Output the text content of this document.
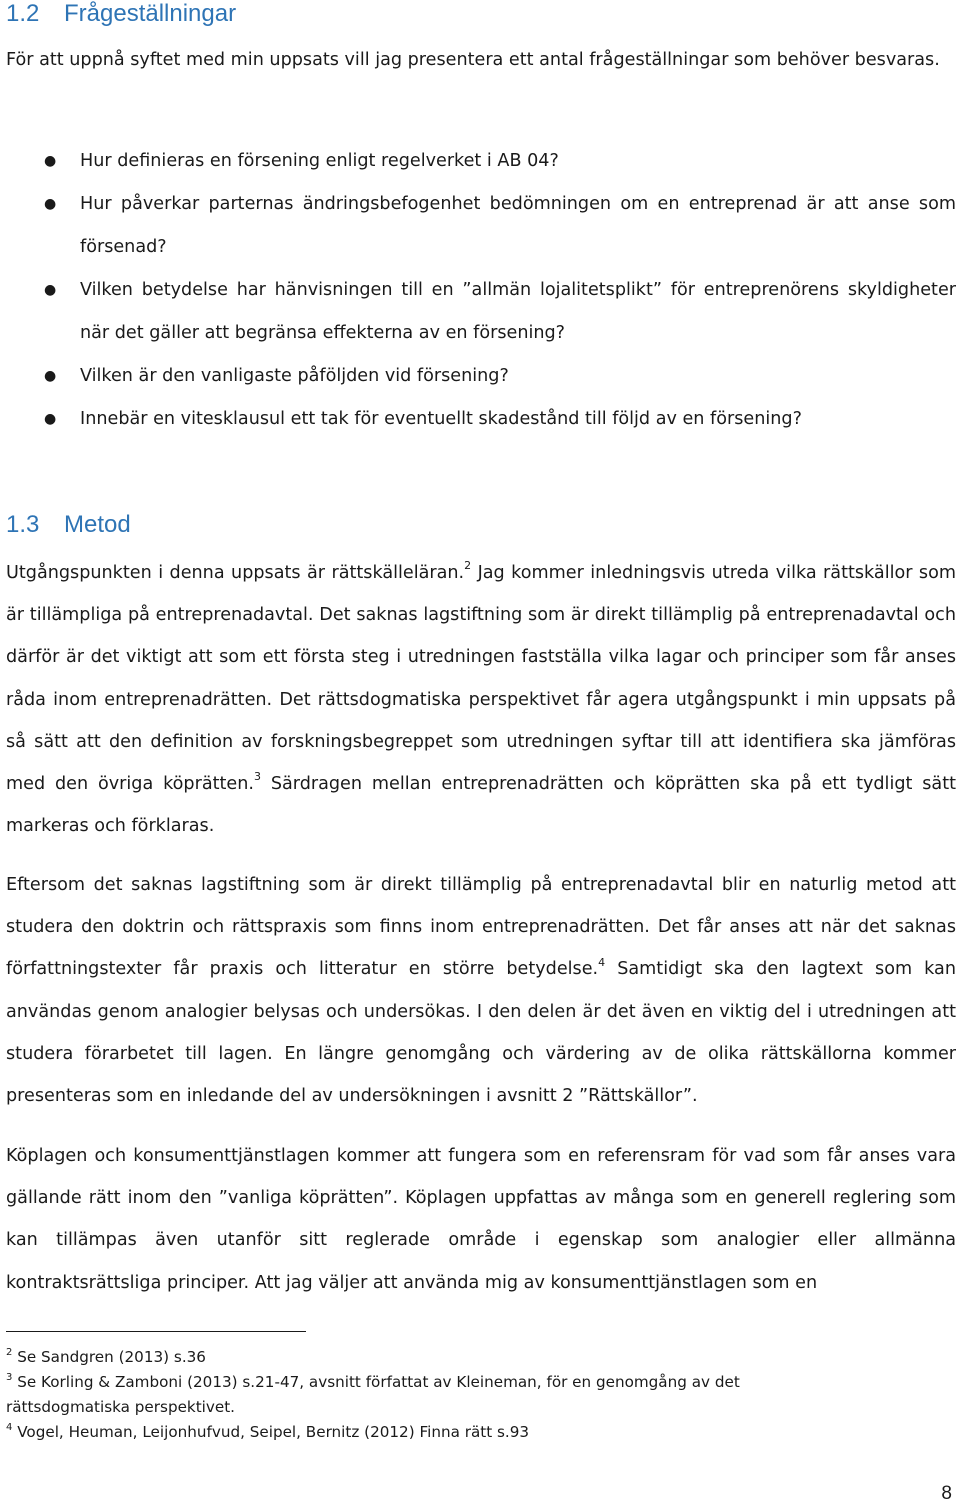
1.2 Frågeställningar

För att uppnå syftet med min uppsats vill jag presentera ett antal frågeställningar som behöver besvaras.

● Hur definieras en försening enligt regelverket i AB 04?
● Hur påverkar parternas ändringsbefogenhet bedömningen om en entreprenad är att anse som försenad?
● Vilken betydelse har hänvisningen till en ”allmän lojalitetsplikt” för entreprenörens skyldigheter när det gäller att begränsa effekterna av en försening?
● Vilken är den vanligaste påföljden vid försening?
● Innebär en vitesklausul ett tak för eventuellt skadestånd till följd av en försening?
1.3 Metod

Utgångspunkten i denna uppsats är rättskälleläran.$^2$ Jag kommer inledningsvis utreda vilka rättskällor som är tillämpliga på entreprenadavtal. Det saknas lagstiftning som är direkt tillämplig på entreprenadavtal och därför är det viktigt att som ett första steg i utredningen fastställa vilka lagar och principer som får anses råda inom entreprenadrätten. Det rättsdogmatiska perspektivet får agera utgångspunkt i min uppsats på så sätt att den definition av forskningsbegreppet som utredningen syftar till att identifiera ska jämföras med den övriga köprätten.$^3$ Särdragen mellan entreprenadrätten och köprätten ska på ett tydligt sätt markeras och förklaras.

Eftersom det saknas lagstiftning som är direkt tillämplig på entreprenadavtal blir en naturlig metod att studera den doktrin och rättspraxis som finns inom entreprenadrätten. Det får anses att när det saknas författningstexter får praxis och litteratur en större betydelse.$^4$ Samtidigt ska den lagtext som kan användas genom analogier belysas och undersökas. I den delen är det även en viktig del i utredningen att studera förarbetet till lagen. En längre genomgång och värdering av de olika rättskällorna kommer presenteras som en inledande del av undersökningen i avsnitt 2 ”Rättskällor”.

Köplagen och konsumenttjänstlagen kommer att fungera som en referensram för vad som får anses vara gällande rätt inom den ”vanliga köprätten”. Köplagen uppfattas av många som en generell reglering som kan tillämpas även utanför sitt reglerade område i egenskap som analogier eller allmänna kontraktsrättsliga principer. Att jag väljer att använda mig av konsumenttjänstlagen som en

$^2$ Se Sandgren (2013) s.36

$^3$ Se Korling & Zamboni (2013) s.21-47, avsnitt författat av Kleineman, för en genomgång av det rättsdogmatiska perspektivet.

$^4$ Vogel, Heuman, Leijonhufvud, Seipel, Bernitz (2012) Finna rätt s.93

8
